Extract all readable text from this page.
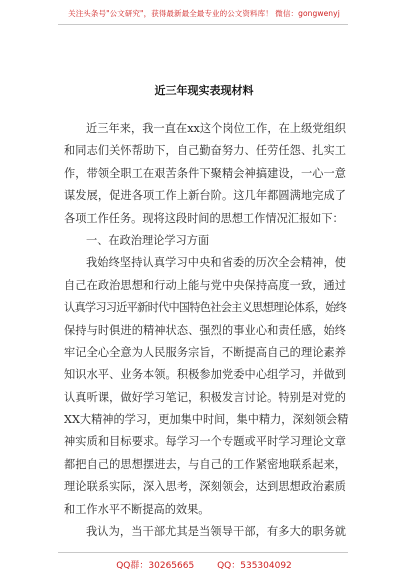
关注头条号"公文研究"，获得最新最全最专业的公文资料库！ 微信：gongwenyj
近三年现实表现材料
近三年来，我一直在xx这个岗位工作，在上级党组织
和同志们关怀帮助下，自己勤奋努力、任劳任怨、扎实工
作，带领全职工在艰苦条件下聚精会神搞建设，一心一意
谋发展，促进各项工作上新台阶。这几年都圆满地完成了
各项工作任务。现将这段时间的思想工作情况汇报如下：
一、在政治理论学习方面
我始终坚持认真学习中央和省委的历次全会精神，使
自己在政治思想和行动上能与党中央保持高度一致，通过
认真学习习近平新时代中国特色社会主义思想理论体系，始终
保持与时俱进的精神状态、强烈的事业心和责任感，始终
牢记全心全意为人民服务宗旨，不断提高自己的理论素养
知识水平、业务本领。积极参加党委中心组学习，并做到
认真听课，做好学习笔记，积极发言讨论。特别是对党的
XX大精神的学习，更加集中时间，集中精力，深刻领会精
神实质和目标要求。每学习一个专题或平时学习理论文章
都把自己的思想摆进去，与自己的工作紧密地联系起来，
理论联系实际，深入思考，深刻领会，达到思想政治素质
和工作水平不断提高的效果。
我认为，当干部尤其是当领导干部，有多大的职务就
QQ群：30265665	QQ：535304092
